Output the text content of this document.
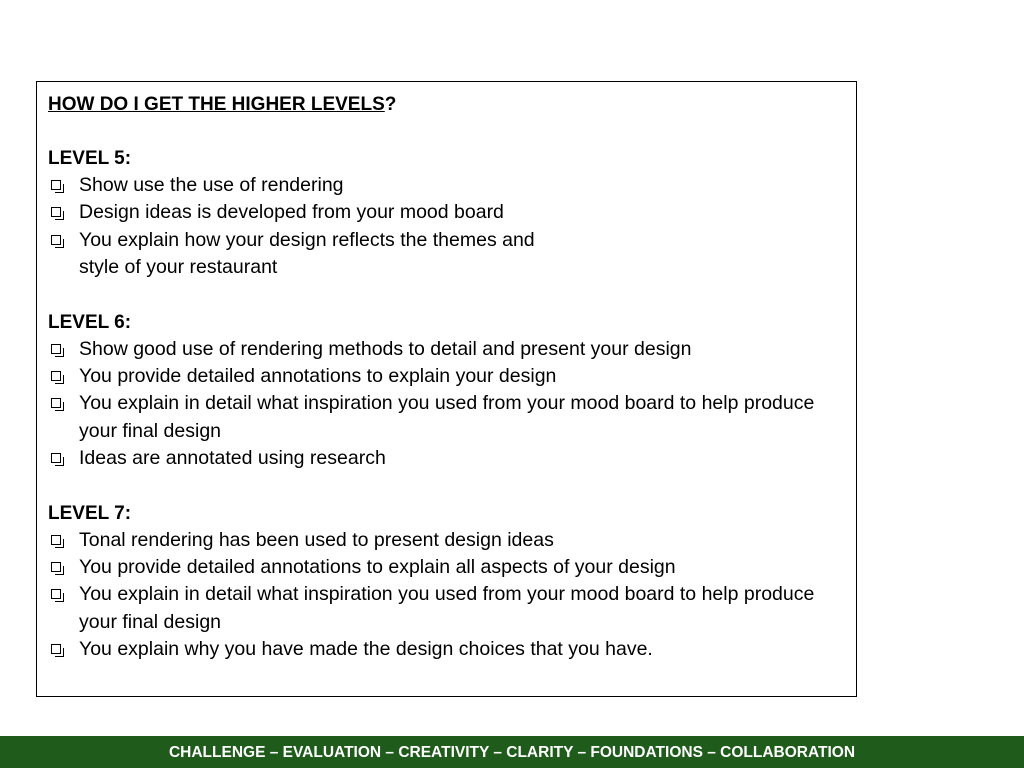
HOW DO I GET THE HIGHER LEVELS?
LEVEL 5:
Show use the use of rendering
Design ideas is developed from your mood board
You explain how your design reflects the themes and style of your restaurant
LEVEL 6:
Show good use of rendering methods to detail and present your design
You provide detailed annotations to explain your design
You explain in detail what inspiration you used from your mood board to help produce your final design
Ideas are annotated using research
LEVEL 7:
Tonal rendering has been used to present design ideas
You provide detailed annotations to explain all aspects of your design
You explain in detail what inspiration you used from your mood board to help produce your final design
You explain why you have made the design choices that you have.
CHALLENGE – EVALUATION – CREATIVITY – CLARITY – FOUNDATIONS – COLLABORATION
